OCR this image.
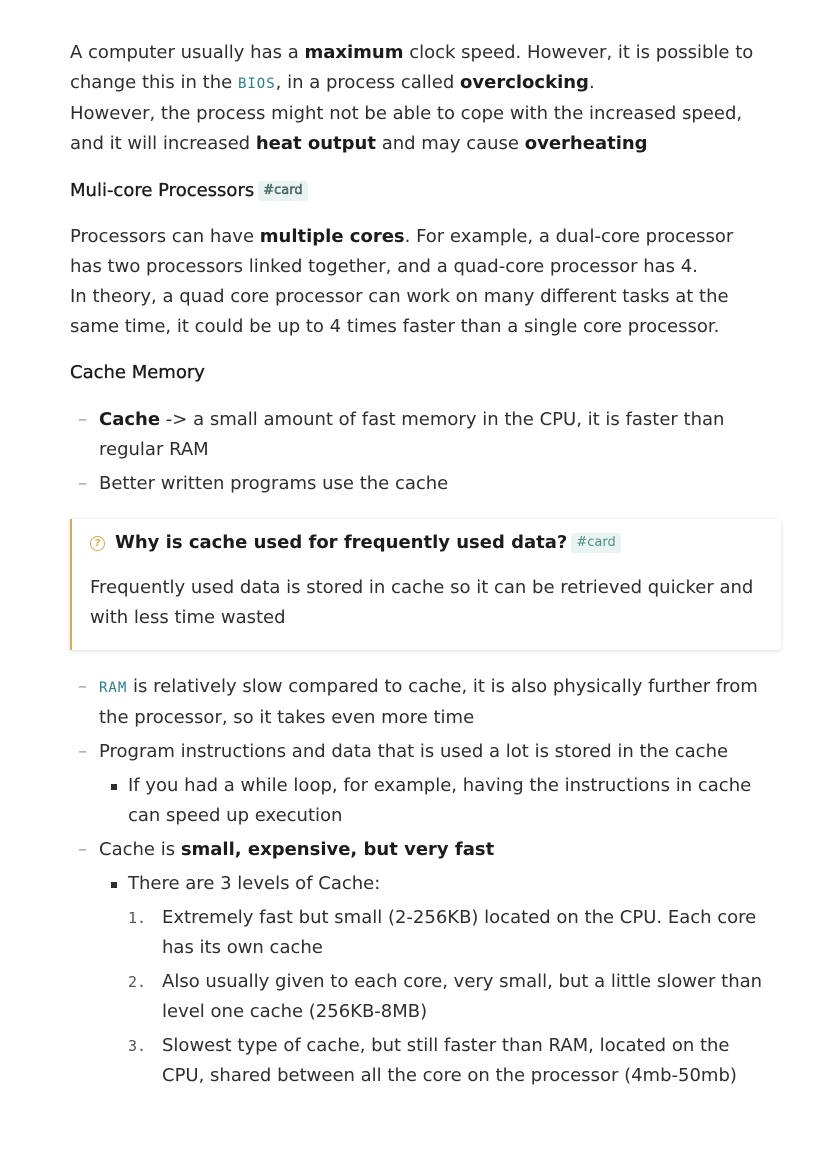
A computer usually has a maximum clock speed. However, it is possible to change this in the BIOS, in a process called overclocking.
However, the process might not be able to cope with the increased speed, and it will increased heat output and may cause overheating

Muli-core Processors #card

Processors can have multiple cores. For example, a dual-core processor has two processors linked together, and a quad-core processor has 4.
In theory, a quad core processor can work on many different tasks at the same time, it could be up to 4 times faster than a single core processor.

Cache Memory
– Cache -> a small amount of fast memory in the CPU, it is faster than regular RAM
– Better written programs use the cache
? Why is cache used for frequently used data? #card

Frequently used data is stored in cache so it can be retrieved quicker and with less time wasted

– RAM is relatively slow compared to cache, it is also physically further from the processor, so it takes even more time
– Program instructions and data that is used a lot is stored in the cache
If you had a while loop, for example, having the instructions in cache can speed up execution
– Cache is small, expensive, but very fast
There are 3 levels of Cache:
1. Extremely fast but small (2-256KB) located on the CPU. Each core has its own cache
2. Also usually given to each core, very small, but a little slower than level one cache (256KB-8MB)
3. Slowest type of cache, but still faster than RAM, located on the CPU, shared between all the core on the processor (4mb-50mb)
